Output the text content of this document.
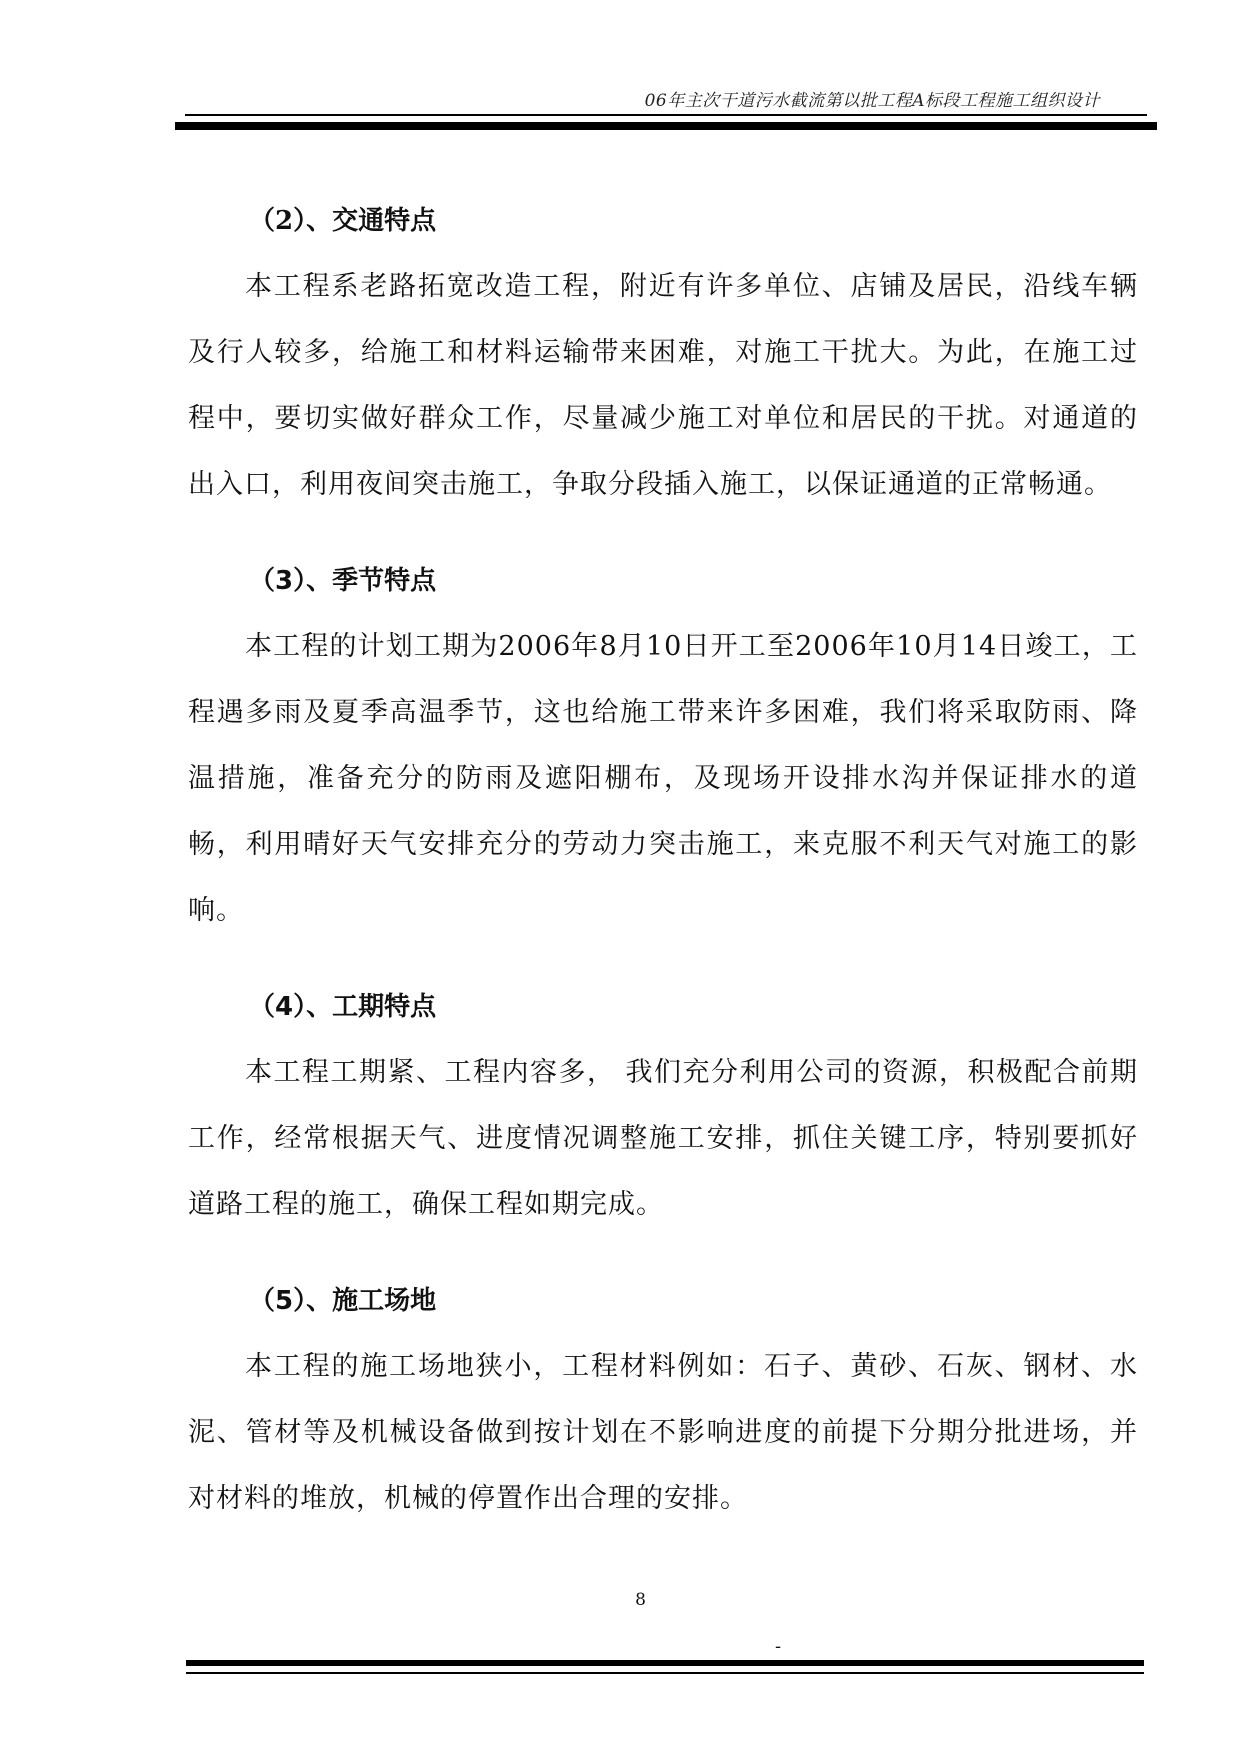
06年主次干道污水截流第以批工程A标段工程施工组织设计
（2）、交通特点

本工程系老路拓宽改造工程，附近有许多单位、店铺及居民，沿线车辆及行人较多，给施工和材料运输带来困难，对施工干扰大。为此，在施工过程中，要切实做好群众工作，尽量减少施工对单位和居民的干扰。对通道的出入口，利用夜间突击施工，争取分段插入施工，以保证通道的正常畅通。

（3）、季节特点

本工程的计划工期为2006年8月10日开工至2006年10月14日竣工，工程遇多雨及夏季高温季节，这也给施工带来许多困难，我们将采取防雨、降温措施，准备充分的防雨及遮阳棚布，及现场开设排水沟并保证排水的道畅，利用晴好天气安排充分的劳动力突击施工，来克服不利天气对施工的影响。

（4）、工期特点

本工程工期紧、工程内容多， 我们充分利用公司的资源，积极配合前期工作，经常根据天气、进度情况调整施工安排，抓住关键工序，特别要抓好道路工程的施工，确保工程如期完成。

（5）、施工场地

本工程的施工场地狭小，工程材料例如：石子、黄砂、石灰、钢材、水泥、管材等及机械设备做到按计划在不影响进度的前提下分期分批进场，并对材料的堆放，机械的停置作出合理的安排。

8
-
